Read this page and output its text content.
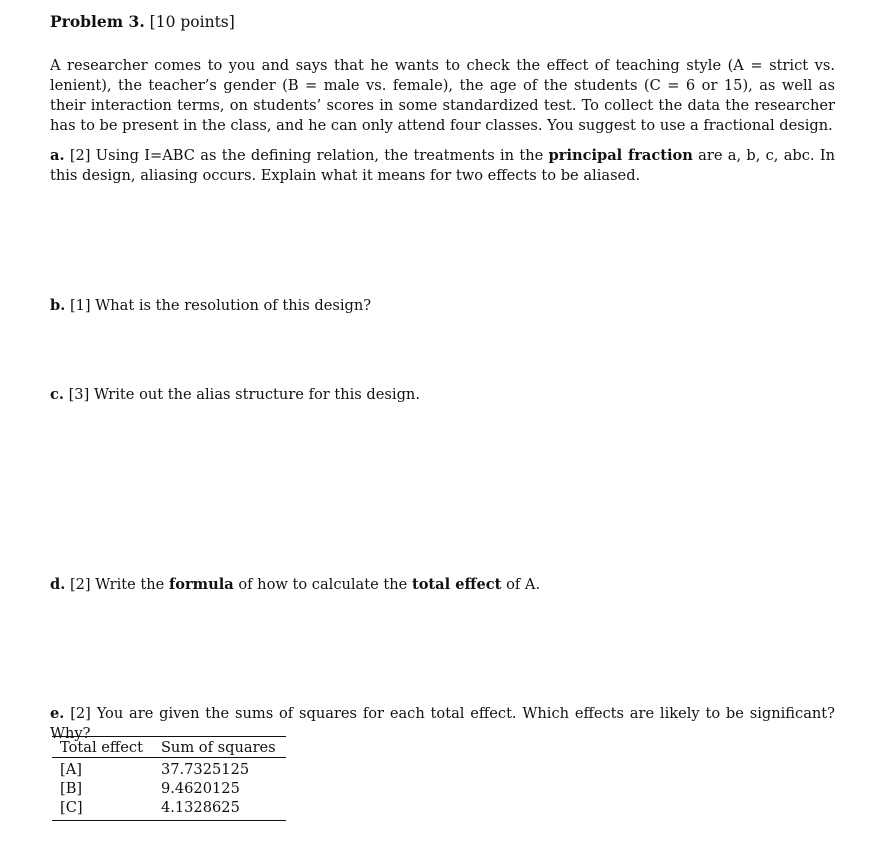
Problem 3. [10 points]
A researcher comes to you and says that he wants to check the effect of teaching style (A = strict vs. lenient), the teacher’s gender (B = male vs. female), the age of the students (C = 6 or 15), as well as their interaction terms, on students’ scores in some standardized test. To collect the data the researcher has to be present in the class, and he can only attend four classes. You suggest to use a fractional design.
a. [2] Using I=ABC as the defining relation, the treatments in the principal fraction are a, b, c, abc. In this design, aliasing occurs. Explain what it means for two effects to be aliased.
b. [1] What is the resolution of this design?
c. [3] Write out the alias structure for this design.
d. [2] Write the formula of how to calculate the total effect of A.
e. [2] You are given the sums of squares for each total effect. Which effects are likely to be significant? Why?
Total effect	Sum of squares
[A]	37.7325125
[B]	9.4620125
[C]	4.1328625
